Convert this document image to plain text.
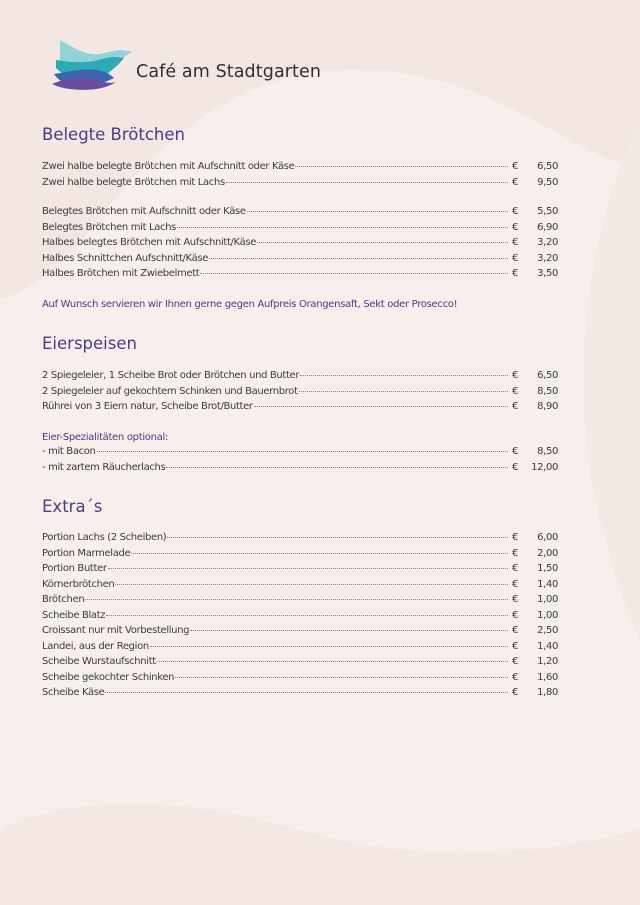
Café am Stadtgarten
Belegte Brötchen
Zwei halbe belegte Brötchen mit Aufschnitt oder Käse	€	6,50
Zwei halbe belegte Brötchen mit Lachs	€	9,50
Belegtes Brötchen mit Aufschnitt oder Käse	€	5,50
Belegtes Brötchen mit Lachs	€	6,90
Halbes belegtes Brötchen mit Aufschnitt/Käse	€	3,20
Halbes Schnittchen Aufschnitt/Käse	€	3,20
Halbes Brötchen mit Zwiebelmett	€	3,50
Auf Wunsch servieren wir Ihnen gerne gegen Aufpreis Orangensaft, Sekt oder Prosecco!
Eierspeisen
2 Spiegeleier, 1 Scheibe Brot oder Brötchen und Butter	€	6,50
2 Spiegeleier auf gekochtem Schinken und Bauernbrot	€	8,50
Rührei von 3 Eiern natur, Scheibe Brot/Butter	€	8,90
Eier-Spezialitäten optional:
- mit Bacon	€	8,50
- mit zartem Räucherlachs	€	12,00
Extra´s
Portion Lachs (2 Scheiben)	€	6,00
Portion Marmelade	€	2,00
Portion Butter	€	1,50
Körnerbrötchen	€	1,40
Brötchen	€	1,00
Scheibe Blatz	€	1,00
Croissant nur mit Vorbestellung	€	2,50
Landei, aus der Region	€	1,40
Scheibe Wurstaufschnitt	€	1,20
Scheibe gekochter Schinken	€	1,60
Scheibe Käse	€	1,80
